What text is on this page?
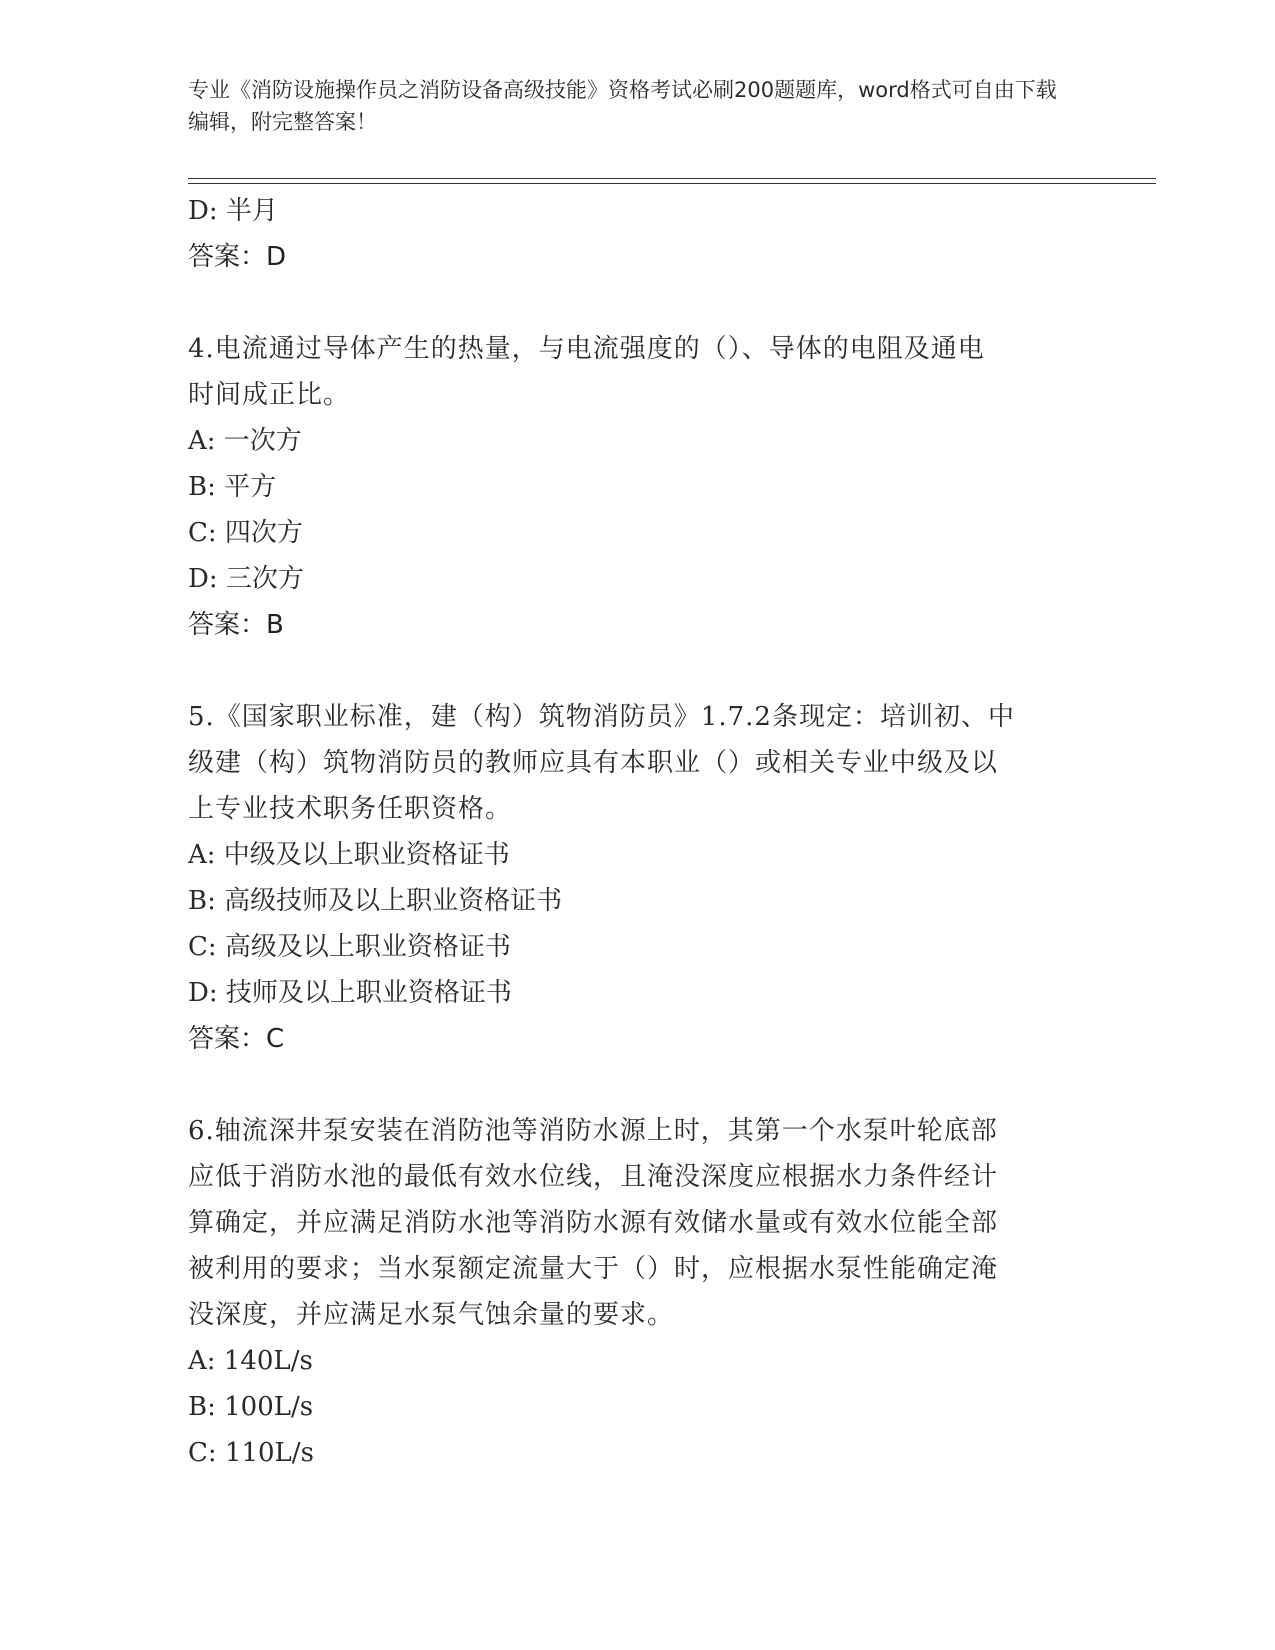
专业《消防设施操作员之消防设备高级技能》资格考试必刷200题题库，word格式可自由下载编辑，附完整答案！
D: 半月
答案：D
4.电流通过导体产生的热量，与电流强度的（）、导体的电阻及通电
时间成正比。
A: 一次方
B: 平方
C: 四次方
D: 三次方
答案：B
5.《国家职业标准，建（构）筑物消防员》1.7.2条现定：培训初、中
级建（构）筑物消防员的教师应具有本职业（）或相关专业中级及以
上专业技术职务任职资格。
A: 中级及以上职业资格证书
B: 高级技师及以上职业资格证书
C: 高级及以上职业资格证书
D: 技师及以上职业资格证书
答案：C
6.轴流深井泵安装在消防池等消防水源上时，其第一个水泵叶轮底部
应低于消防水池的最低有效水位线，且淹没深度应根据水力条件经计
算确定，并应满足消防水池等消防水源有效储水量或有效水位能全部
被利用的要求；当水泵额定流量大于（）时，应根据水泵性能确定淹
没深度，并应满足水泵气蚀余量的要求。
A: 140L/s
B: 100L/s
C: 110L/s
